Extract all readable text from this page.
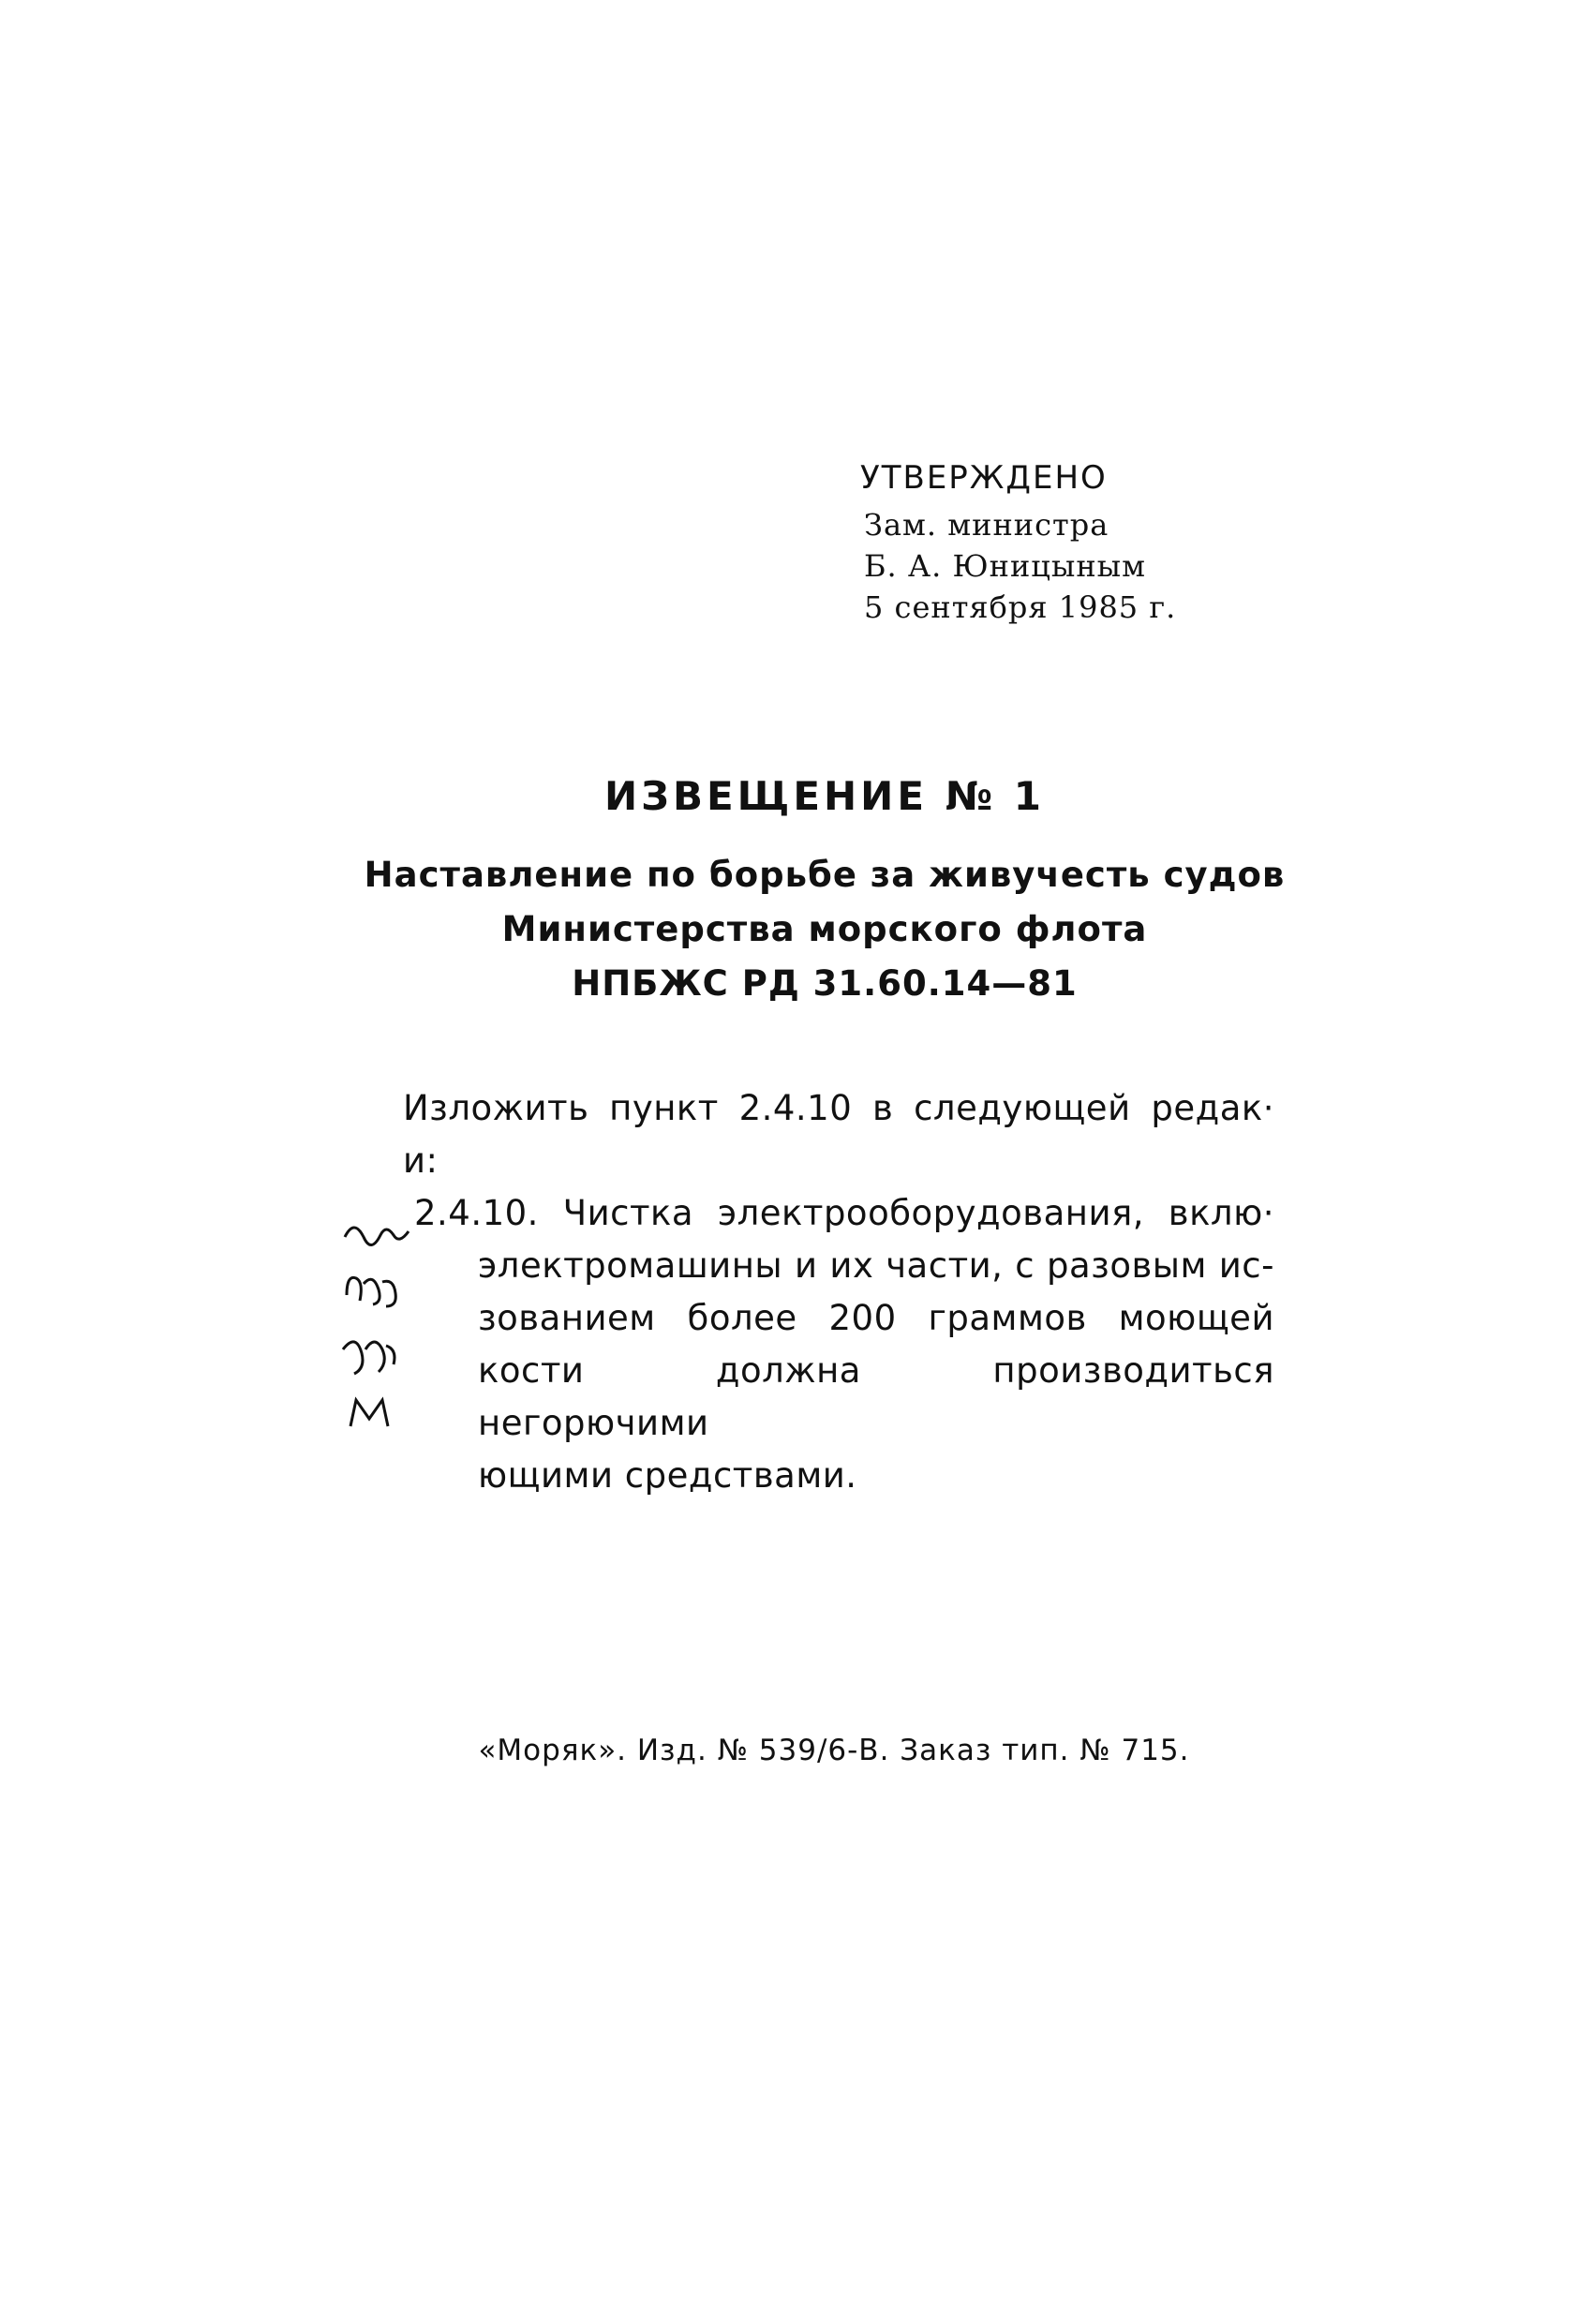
УТВЕРЖДЕНО
Зам. министра
Б. А. Юницыным
5 сентября 1985 г.
ИЗВЕЩЕНИЕ № 1
Наставление по борьбе за живучесть судов
Министерства морского флота
НПБЖС РД 31.60.14—81

Изложить пункт 2.4.10 в следующей редак·

и:

2.4.10. Чистка электрооборудования, вклю·

электромашины и их части, с разовым ис-

зованием более 200 граммов моющей

кости должна производиться негорючими

ющими средствами.

«Моряк». Изд. № 539/6-В. Заказ тип. № 715.
